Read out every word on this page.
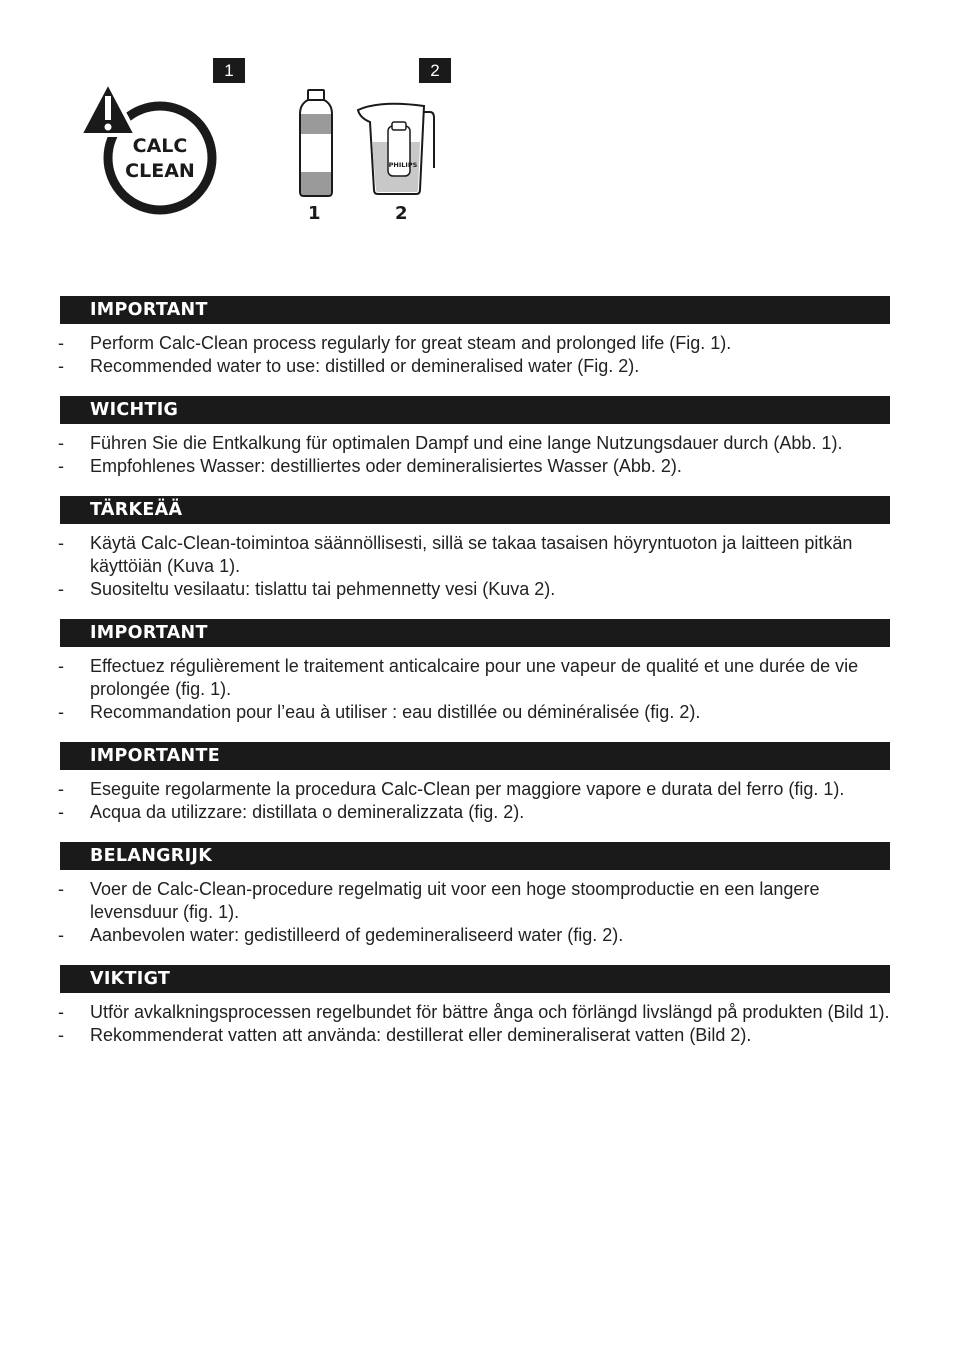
1	2
CALC
CLEAN	PHILIPS
1	2
IMPORTANT
- Perform Calc-Clean process regularly for great steam and prolonged life (Fig. 1).
- Recommended water to use: distilled or demineralised water (Fig. 2).
WICHTIG
- Führen Sie die Entkalkung für optimalen Dampf und eine lange Nutzungsdauer durch (Abb. 1).
- Empfohlenes Wasser: destilliertes oder demineralisiertes Wasser (Abb. 2).
TÄRKEÄÄ
- Käytä Calc-Clean-toimintoa säännöllisesti, sillä se takaa tasaisen höyryntuoton ja laitteen pitkän käyttöiän (Kuva 1).
- Suositeltu vesilaatu: tislattu tai pehmennetty vesi (Kuva 2).
IMPORTANT
- Effectuez régulièrement le traitement anticalcaire pour une vapeur de qualité et une durée de vie prolongée (fig. 1).
- Recommandation pour l’eau à utiliser : eau distillée ou déminéralisée (fig. 2).
IMPORTANTE
- Eseguite regolarmente la procedura Calc-Clean per maggiore vapore e durata del ferro (fig. 1).
- Acqua da utilizzare: distillata o demineralizzata (fig. 2).
BELANGRIJK
- Voer de Calc-Clean-procedure regelmatig uit voor een hoge stoomproductie en een langere levensduur (fig. 1).
- Aanbevolen water: gedistilleerd of gedemineraliseerd water (fig. 2).
VIKTIGT
- Utför avkalkningsprocessen regelbundet för bättre ånga och förlängd livslängd på produkten (Bild 1).
- Rekommenderat vatten att använda: destillerat eller demineraliserat vatten (Bild 2).
